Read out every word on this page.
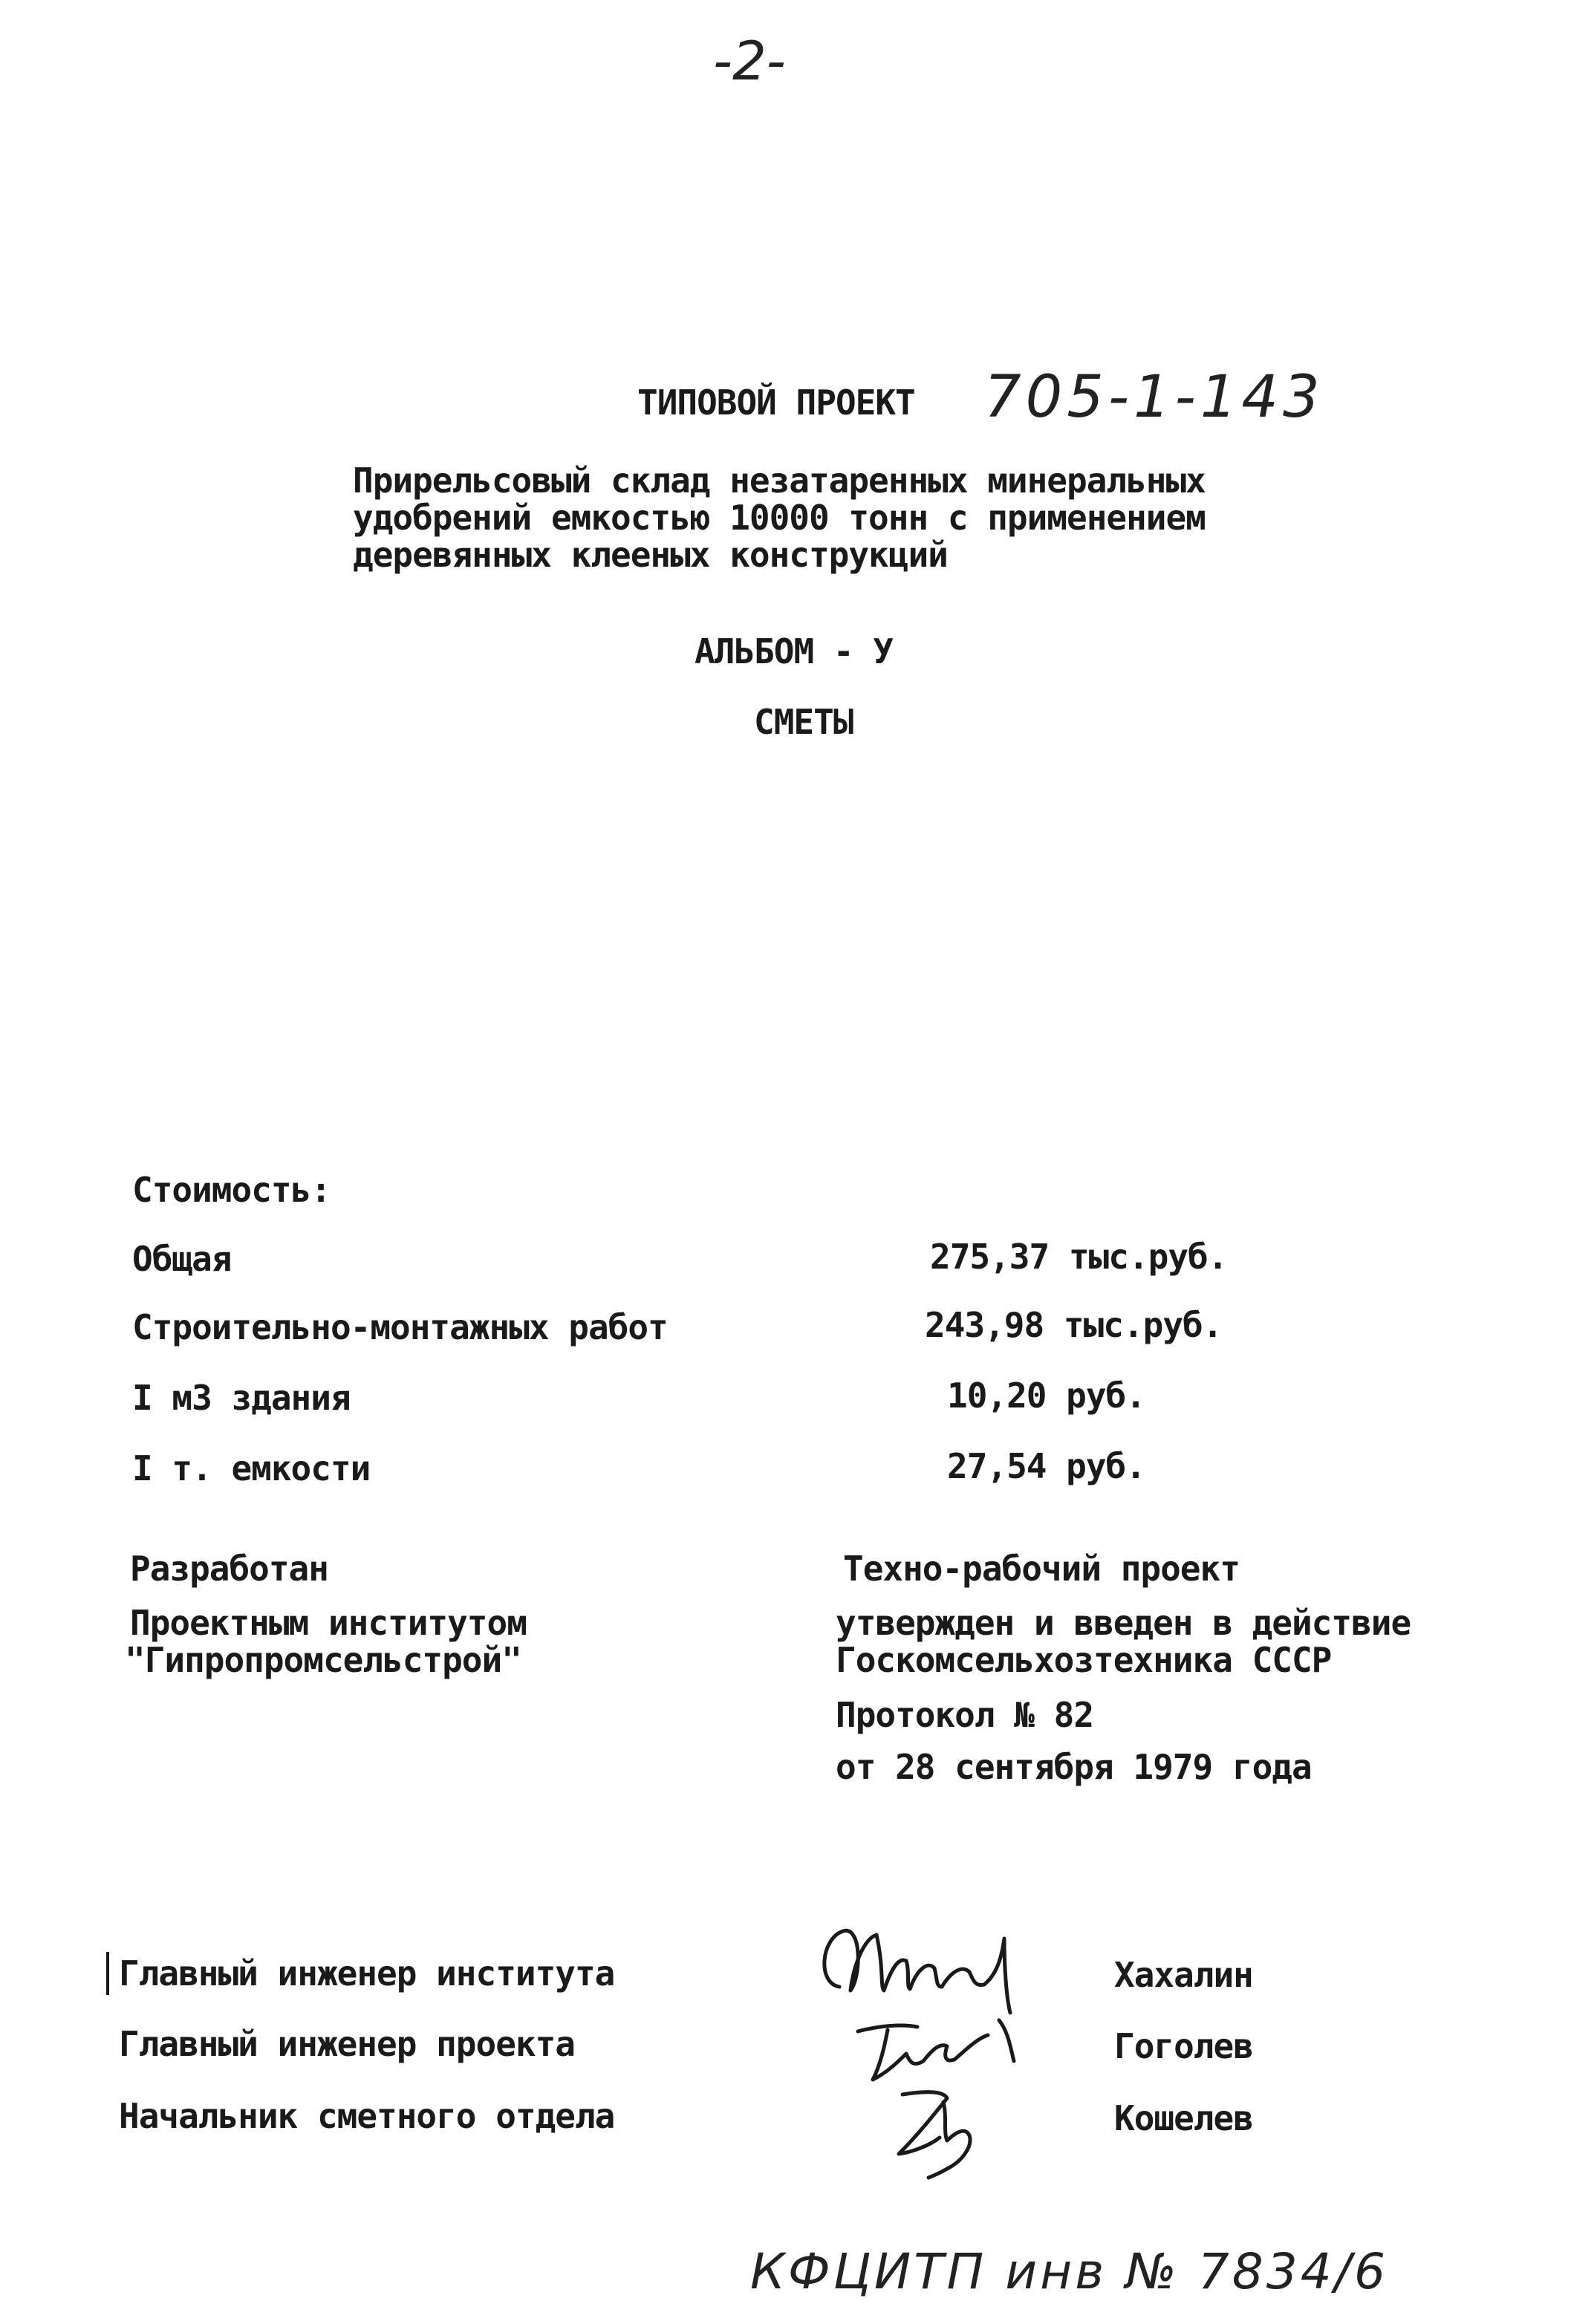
-2-
ТИПОВОЙ ПРОЕКТ 705-1-143
Прирельсовый склад незатаренных минеральных
удобрений емкостью 10000 тонн с применением
деревянных клееных конструкций
АЛЬБОМ - У
СМЕТЫ
Стоимость:
Общая	275,37 тыс.руб.
Строительно-монтажных работ	243,98 тыс.руб.
I м3 здания	10,20 руб.
I т. емкости	27,54 руб.
Разработан
Проектным институтом
"Гипропромсельстрой"
Техно-рабочий проект
утвержден и введен в действие
Госкомсельхозтехника СССР
Протокол № 82
от 28 сентября 1979 года
Главный инженер института	Хахалин
Главный инженер проекта	Гоголев
Начальник сметного отдела	Кошелев
КФЦИТП инв № 7834/6
